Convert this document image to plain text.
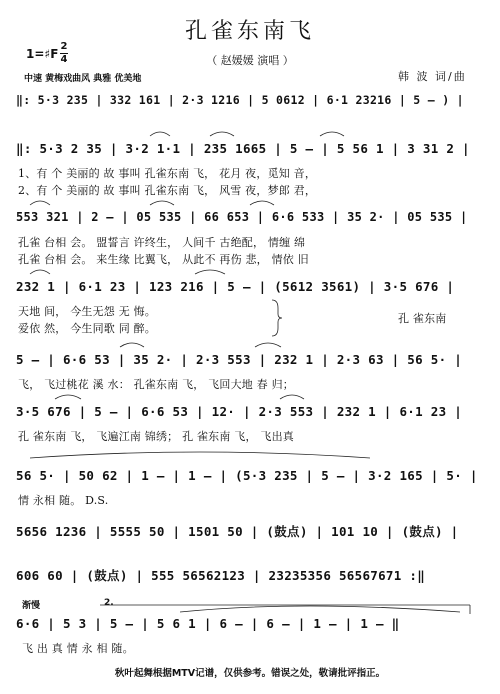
孔雀东南飞
（ 赵媛媛 演唱 ）
1=♯F
2
4
中速 黄梅戏曲风 典雅 优美地	韩 波 词/曲
‖: 5·3 235 | 332 161 | 2·3 1216 | 5 0612 | 6·1 23216 | 5 – ) |
‖: 5·3 2 35 | 3·2 1·1 | 235 1665 | 5 – | 5 56 1 | 3 31 2 |
1、有 个 美丽的 故 事叫 孔雀东南 飞， 花月 夜，觅知 音，
2、有 个 美丽的 故 事叫 孔雀东南 飞， 风雪 夜，梦郎 君，
553 321 | 2 – | 05 535 | 66 653 | 6·6 533 | 35 2· | 05 535 |
孔雀 台相 会。 盟誓言 许终生， 人间千 古绝配， 情缠 绵
孔雀 台相 会。 来生缘 比翼飞， 从此不 再伤 悲， 情依 旧
232 1 | 6·1 23 | 123 216 | 5 – | (5612 3561) | 3·5 676 |
天地 间， 今生无怨 无 悔。
爱依 然， 今生同歌 同 醉。
孔 雀东南
5 – | 6·6 53 | 35 2· | 2·3 553 | 232 1 | 2·3 63 | 56 5· |
飞， 飞过桃花 溪 水： 孔雀东南 飞， 飞回大地 春 归；
3·5 676 | 5 – | 6·6 53 | 12· | 2·3 553 | 232 1 | 6·1 23 |
孔 雀东南 飞， 飞遍江南 锦绣； 孔 雀东南 飞， 飞出真
56 5· | 50 62 | 1 – | 1 – | (5·3 235 | 5 – | 3·2 165 | 5· |
情 永相 随。 D.S.
5656 1236 | 5555 50 | 1501 50 | (鼓点) | 101 10 | (鼓点) |
606 60 | (鼓点) | 555 56562123 | 23235356 56567671 :‖
渐慢	2.
6·6 | 5 3 | 5 – | 5 6 1 | 6 – | 6 – | 1 – | 1 – ‖
飞 出 真 情 永 相 随。
秋叶起舞根据MTV记谱，仅供参考。错误之处，敬请批评指正。
